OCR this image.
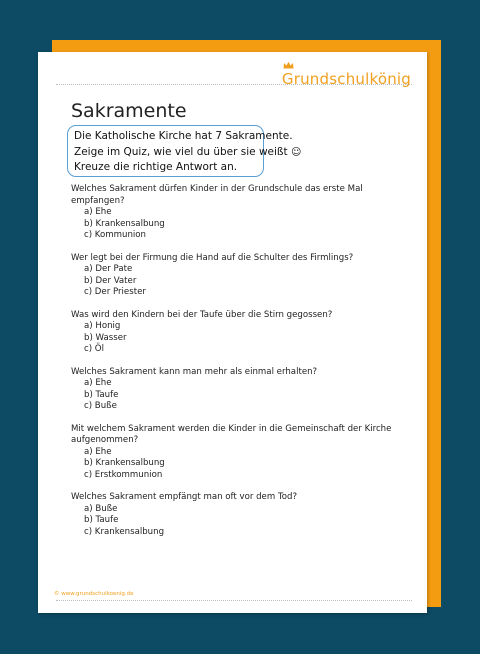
Grundschulkönig
Sakramente
Die Katholische Kirche hat 7 Sakramente.
Zeige im Quiz, wie viel du über sie weißt ☺
Kreuze die richtige Antwort an.
Welches Sakrament dürfen Kinder in der Grundschule das erste Mal empfangen?
a) Ehe
b) Krankensalbung
c) Kommunion
Wer legt bei der Firmung die Hand auf die Schulter des Firmlings?
a) Der Pate
b) Der Vater
c) Der Priester
Was wird den Kindern bei der Taufe über die Stirn gegossen?
a) Honig
b) Wasser
c) Öl
Welches Sakrament kann man mehr als einmal erhalten?
a) Ehe
b) Taufe
c) Buße
Mit welchem Sakrament werden die Kinder in die Gemeinschaft der Kirche aufgenommen?
a) Ehe
b) Krankensalbung
c) Erstkommunion
Welches Sakrament empfängt man oft vor dem Tod?
a) Buße
b) Taufe
c) Krankensalbung
© www.grundschulkoenig.de
